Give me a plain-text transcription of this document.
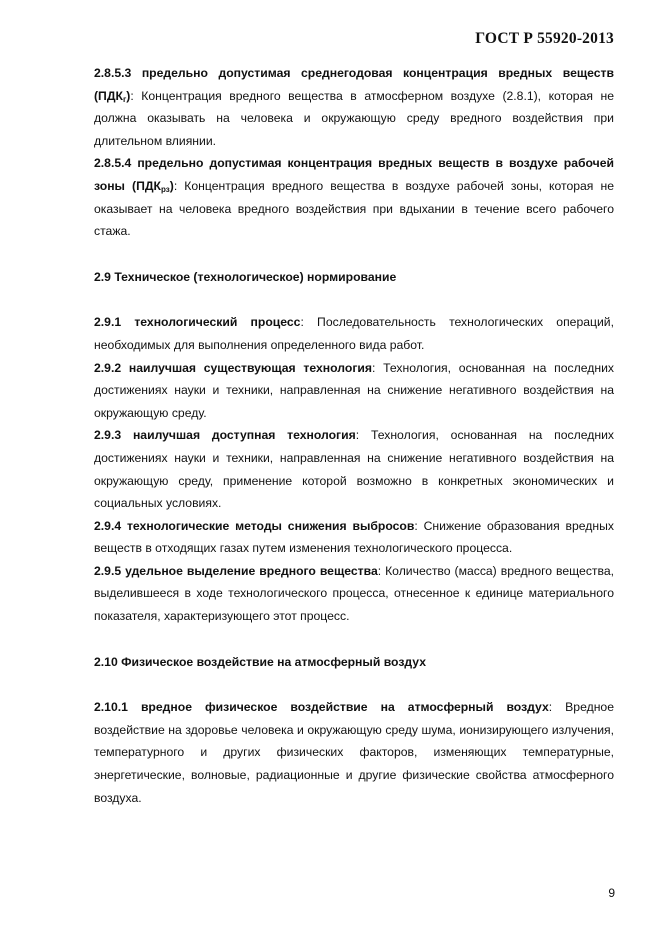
ГОСТ Р 55920-2013

2.8.5.3 предельно допустимая среднегодовая концентрация вредных веществ $(ПДК_г)$: Концентрация вредного вещества в атмосферном воздухе (2.8.1), которая не должна оказывать на человека и окружающую среду вредного воздействия при длительном влиянии.

2.8.5.4 предельно допустимая концентрация вредных веществ в воздухе рабочей зоны $(ПДК_{рз})$: Концентрация вредного вещества в воздухе рабочей зоны, которая не оказывает на человека вредного воздействия при вдыхании в течение всего рабочего стажа.

2.9 Техническое (технологическое) нормирование

2.9.1 технологический процесс: Последовательность технологических операций, необходимых для выполнения определенного вида работ.

2.9.2 наилучшая существующая технология: Технология, основанная на последних достижениях науки и техники, направленная на снижение негативного воздействия на окружающую среду.

2.9.3 наилучшая доступная технология: Технология, основанная на последних достижениях науки и техники, направленная на снижение негативного воздействия на окружающую среду, применение которой возможно в конкретных экономических и социальных условиях.

2.9.4 технологические методы снижения выбросов: Снижение образования вредных веществ в отходящих газах путем изменения технологического процесса.

2.9.5 удельное выделение вредного вещества: Количество (масса) вредного вещества, выделившееся в ходе технологического процесса, отнесенное к единице материального показателя, характеризующего этот процесс.

2.10 Физическое воздействие на атмосферный воздух

2.10.1 вредное физическое воздействие на атмосферный воздух: Вредное воздействие на здоровье человека и окружающую среду шума, ионизирующего излучения, температурного и других физических факторов, изменяющих температурные, энергетические, волновые, радиационные и другие физические свойства атмосферного воздуха.

9
